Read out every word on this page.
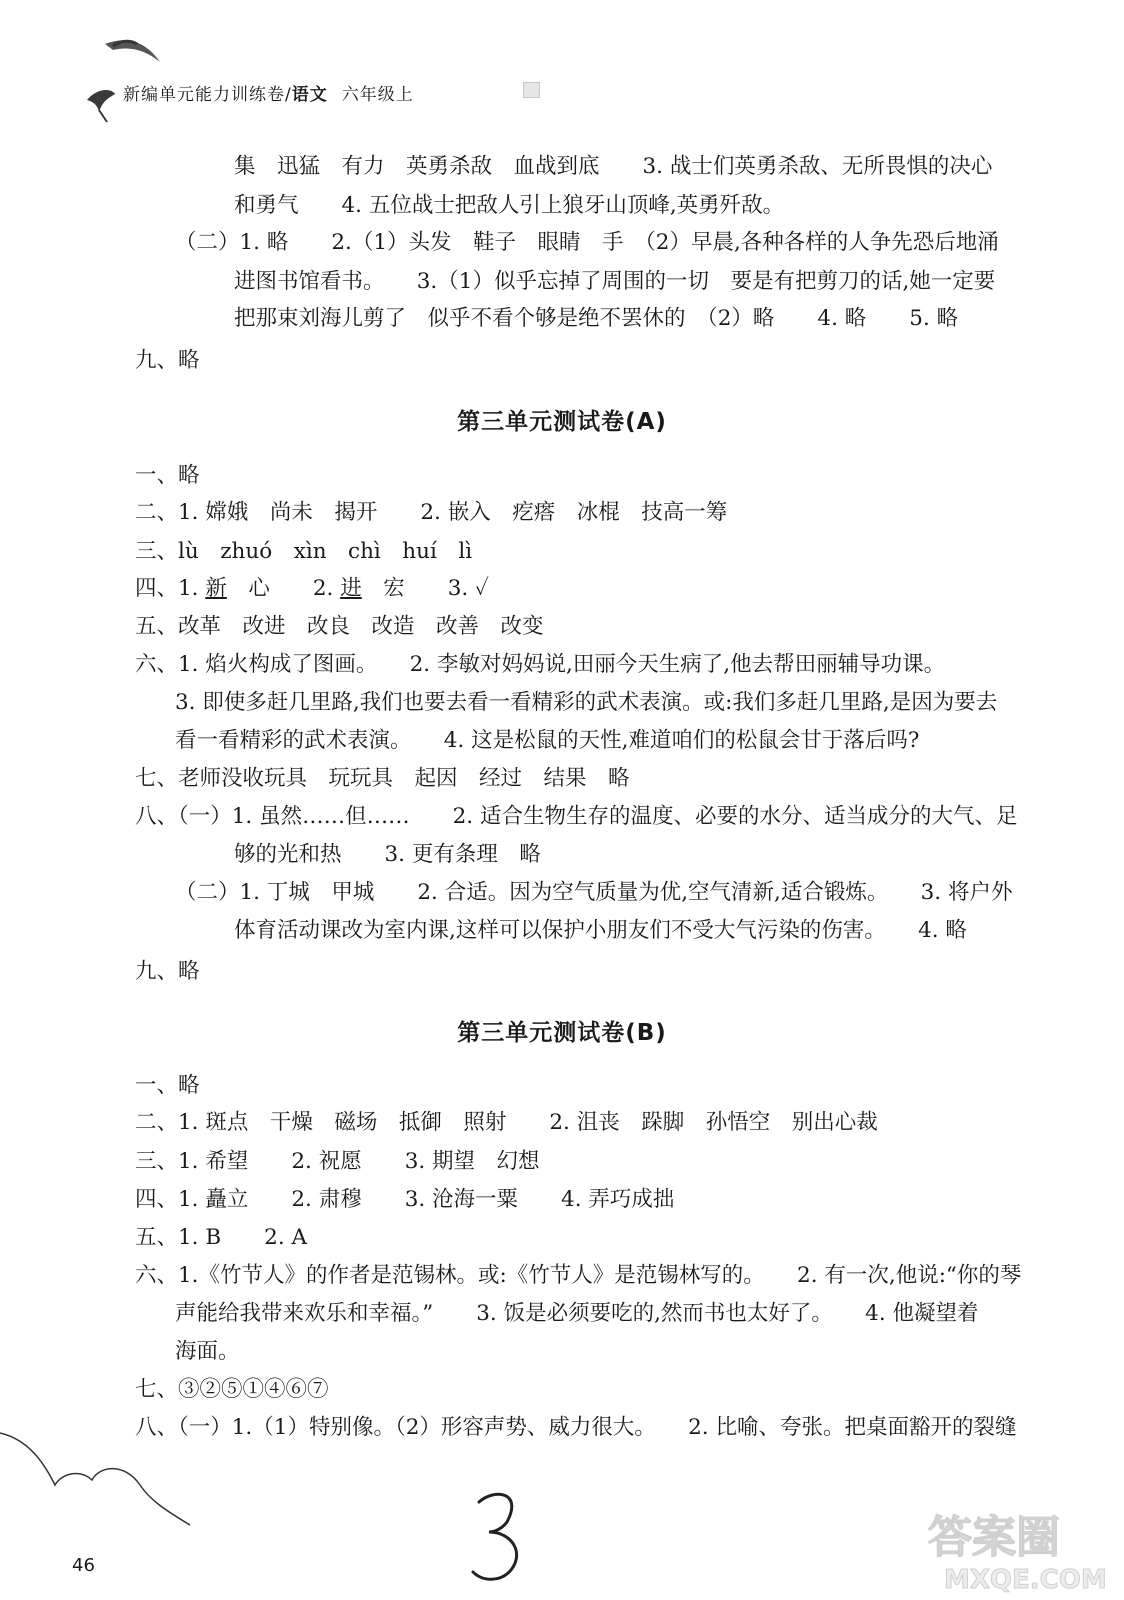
新编单元能力训练卷/语文 六年级上
集　迅猛　有力　英勇杀敌　血战到底　　3. 战士们英勇杀敌、无所畏惧的决心
和勇气　　4. 五位战士把敌人引上狼牙山顶峰,英勇歼敌。
（二）1. 略　　2.（1）头发　鞋子　眼睛　手　（2）早晨,各种各样的人争先恐后地涌
进图书馆看书。　　3.（1）似乎忘掉了周围的一切　要是有把剪刀的话,她一定要
把那束刘海儿剪了　似乎不看个够是绝不罢休的　（2）略　　4. 略　　5. 略
九、略
第三单元测试卷(A)
一、略
二、1. 嫦娥　尚未　揭开　　2. 嵌入　疙瘩　冰棍　技高一筹
三、lù　zhuó　xìn　chì　huí　lì
四、1. 新　心　　2. 进　宏　　3. ✓
五、改革　改进　改良　改造　改善　改变
六、1. 焰火构成了图画。　　2. 李敏对妈妈说,田丽今天生病了,他去帮田丽辅导功课。
3. 即使多赶几里路,我们也要去看一看精彩的武术表演。或:我们多赶几里路,是因为要去
看一看精彩的武术表演。　　4. 这是松鼠的天性,难道咱们的松鼠会甘于落后吗?
七、老师没收玩具　玩玩具　起因　经过　结果　略
八、（一）1. 虽然……但……　　2. 适合生物生存的温度、必要的水分、适当成分的大气、足
够的光和热　　3. 更有条理　略
（二）1. 丁城　甲城　　2. 合适。因为空气质量为优,空气清新,适合锻炼。　　3. 将户外
体育活动课改为室内课,这样可以保护小朋友们不受大气污染的伤害。　　4. 略
九、略
第三单元测试卷(B)
一、略
二、1. 斑点　干燥　磁场　抵御　照射　　2. 沮丧　跺脚　孙悟空　别出心裁
三、1. 希望　　2. 祝愿　　3. 期望　幻想
四、1. 矗立　　2. 肃穆　　3. 沧海一粟　　4. 弄巧成拙
五、1. B　　2. A
六、1.《竹节人》的作者是范锡林。或:《竹节人》是范锡林写的。　　2. 有一次,他说:“你的琴
声能给我带来欢乐和幸福。”　　3. 饭是必须要吃的,然而书也太好了。　　4. 他凝望着
海面。
七、③②⑤①④⑥⑦
八、（一）1.（1）特别像。（2）形容声势、威力很大。　　2. 比喻、夸张。把桌面豁开的裂缝
46
3
答案圈
MXQE.COM
